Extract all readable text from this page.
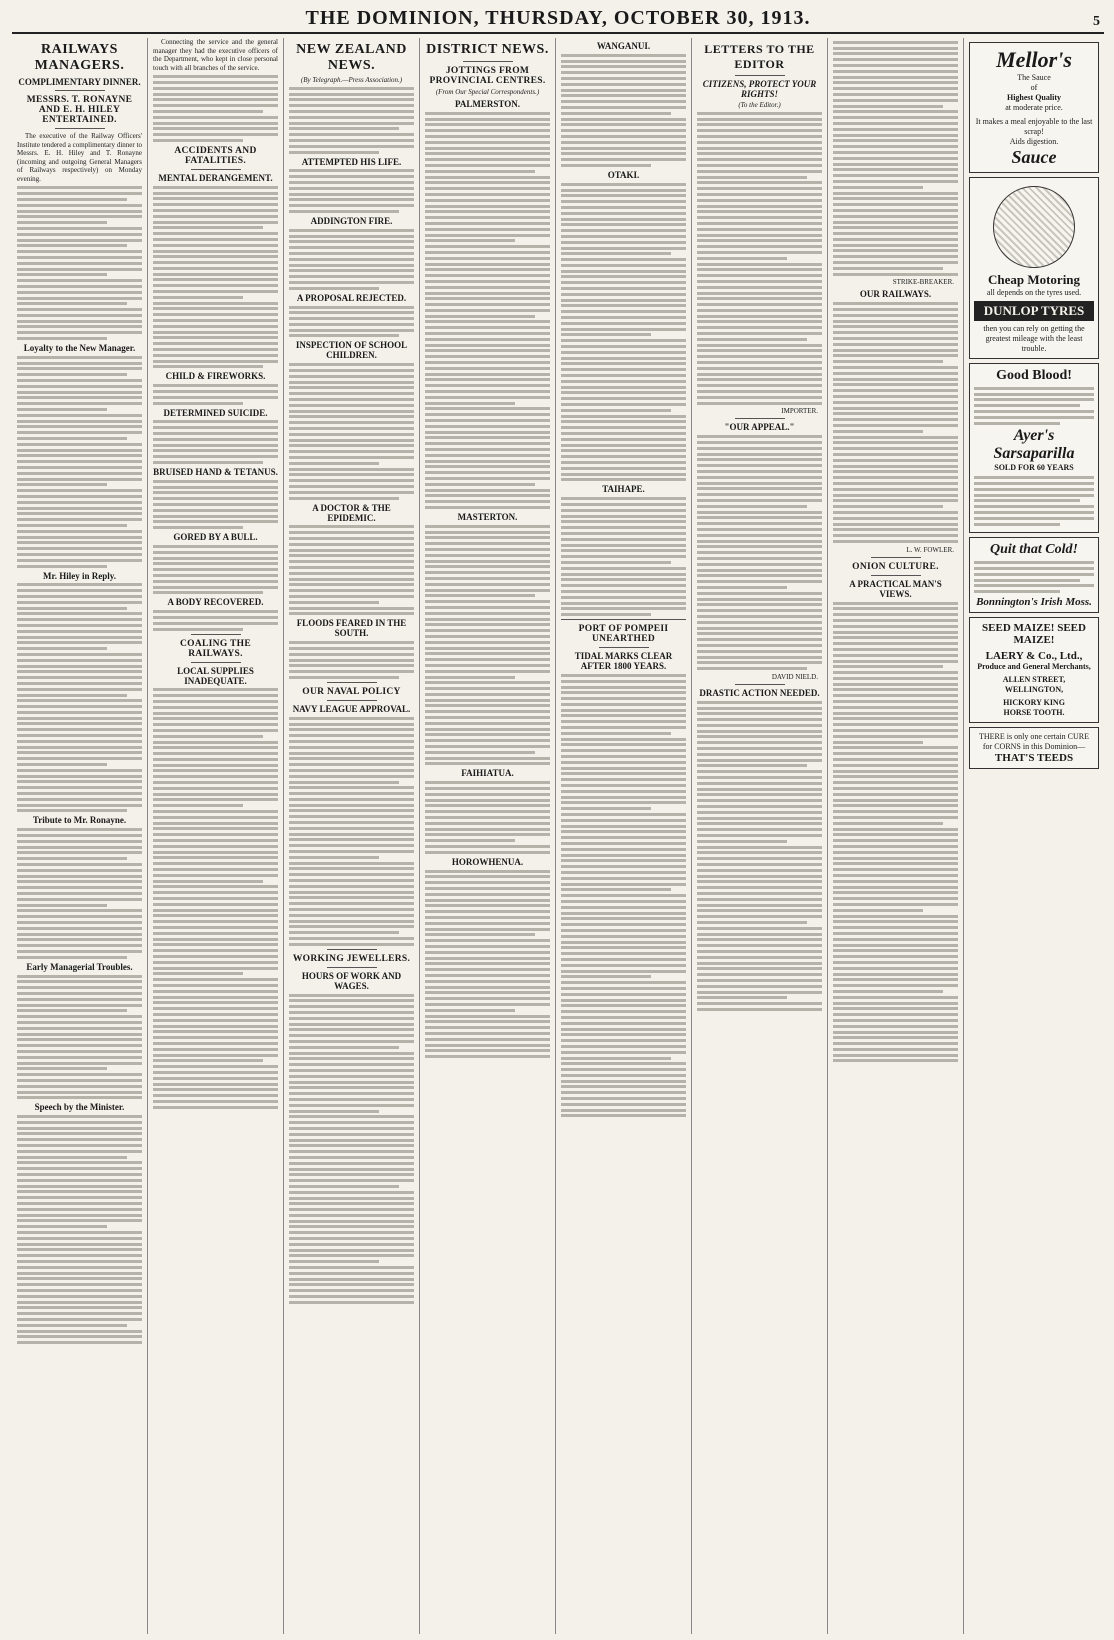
THE DOMINION, THURSDAY, OCTOBER 30, 1913.	5
RAILWAYS MANAGERS.
COMPLIMENTARY DINNER.
MESSRS. T. RONAYNE AND E. H. HILEY ENTERTAINED.

The executive of the Railway Officers' Institute tendered a complimentary dinner to Messrs. E. H. Hiley and T. Ronayne (incoming and outgoing General Managers of Railways respectively) on Monday evening.

Loyalty to the New Manager.
Mr. Hiley in Reply.
Tribute to Mr. Ronayne.
Early Managerial Troubles.
Speech by the Minister.

Connecting the service and the general manager they had the executive officers of the Department, who kept in close personal touch with all branches of the service.

ACCIDENTS AND FATALITIES.
MENTAL DERANGEMENT.
CHILD & FIREWORKS.
DETERMINED SUICIDE.
BRUISED HAND & TETANUS.
GORED BY A BULL.
A BODY RECOVERED.
COALING THE RAILWAYS.
LOCAL SUPPLIES INADEQUATE.
NEW ZEALAND NEWS.
(By Telegraph.—Press Association.)
ATTEMPTED HIS LIFE.
ADDINGTON FIRE.
A PROPOSAL REJECTED.
INSPECTION OF SCHOOL CHILDREN.
A DOCTOR & THE EPIDEMIC.
FLOODS FEARED IN THE SOUTH.
OUR NAVAL POLICY
NAVY LEAGUE APPROVAL.
WORKING JEWELLERS.
HOURS OF WORK AND WAGES.
DISTRICT NEWS.
JOTTINGS FROM PROVINCIAL CENTRES.
(From Our Special Correspondents.)
PALMERSTON.
MASTERTON.
FAIHIATUA.
HOROWHENUA.
WANGANUI.
OTAKI.
TAIHAPE.
PORT OF POMPEII UNEARTHED
TIDAL MARKS CLEAR AFTER 1800 YEARS.
LETTERS TO THE EDITOR
CITIZENS, PROTECT YOUR RIGHTS!
(To the Editor.)
IMPORTER.
"OUR APPEAL."
DAVID NIELD.
DRASTIC ACTION NEEDED.
STRIKE-BREAKER.
OUR RAILWAYS.
L. W. FOWLER.
ONION CULTURE.
A PRACTICAL MAN'S VIEWS.
Mellor's
The Sauce
of
Highest Quality
at moderate price.
It makes a meal enjoyable to the last scrap!
Aids digestion.
Sauce
Cheap Motoring
all depends on the tyres used.
DUNLOP TYRES
then you can rely on getting the greatest mileage with the least trouble.
Good Blood!
Ayer's Sarsaparilla
SOLD FOR 60 YEARS
Quit that Cold!
Bonnington's Irish Moss.
SEED MAIZE! SEED MAIZE!
LAERY & Co., Ltd.,
Produce and General Merchants,
ALLEN STREET, WELLINGTON,
HICKORY KING
HORSE TOOTH.
THERE is only one certain CURE for CORNS in this Dominion—
THAT'S TEEDS
